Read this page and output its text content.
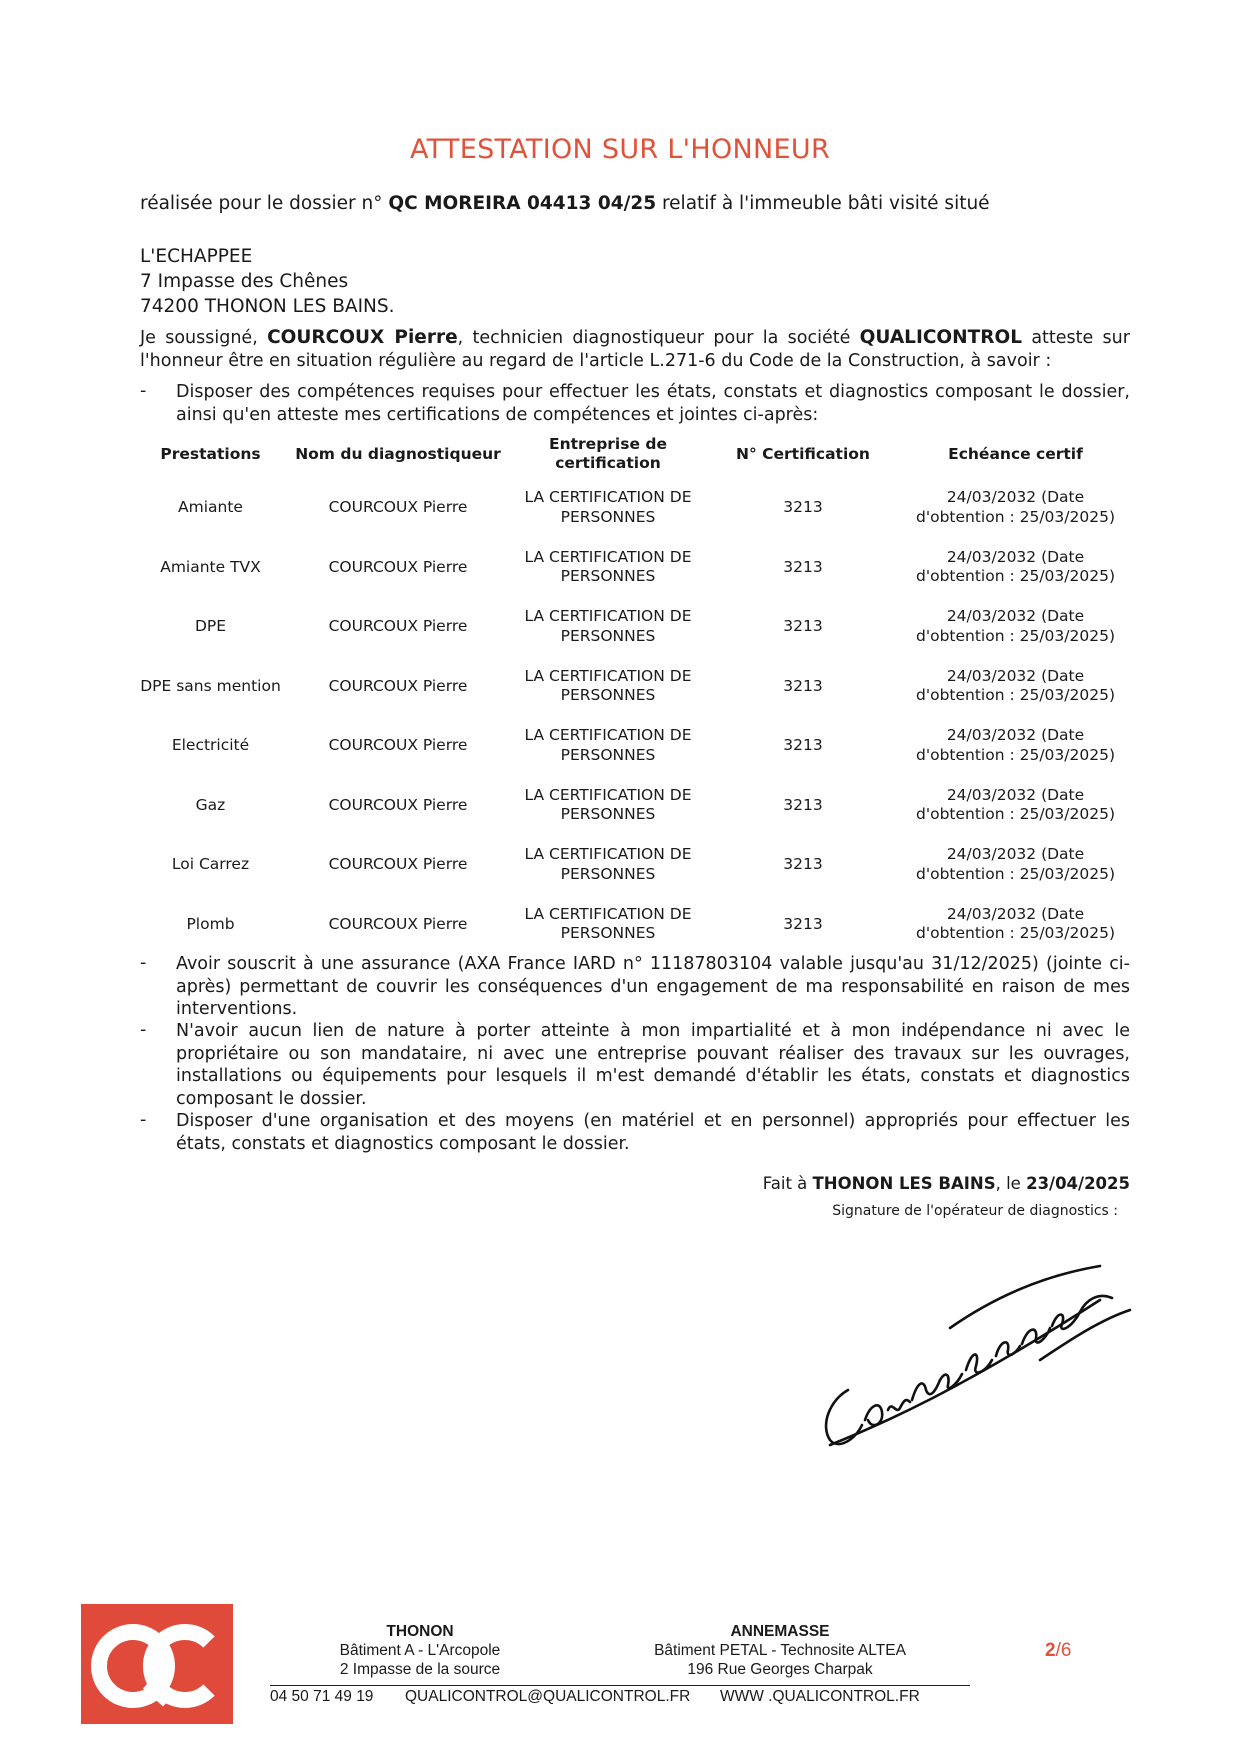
ATTESTATION SUR L'HONNEUR
réalisée pour le dossier n° QC MOREIRA 04413 04/25 relatif à l'immeuble bâti visité situé
L'ECHAPPEE
7 Impasse des Chênes
74200 THONON LES BAINS.
Je soussigné, COURCOUX Pierre, technicien diagnostiqueur pour la société QUALICONTROL atteste sur l'honneur être en situation régulière au regard de l'article L.271-6 du Code de la Construction, à savoir :
- Disposer des compétences requises pour effectuer les états, constats et diagnostics composant le dossier, ainsi qu'en atteste mes certifications de compétences et jointes ci-après:
Prestations	Nom du diagnostiqueur	Entreprise de certification	N° Certification	Echéance certif
Amiante	COURCOUX Pierre	LA CERTIFICATION DE PERSONNES	3213	24/03/2032 (Date d'obtention : 25/03/2025)
Amiante TVX	COURCOUX Pierre	LA CERTIFICATION DE PERSONNES	3213	24/03/2032 (Date d'obtention : 25/03/2025)
DPE	COURCOUX Pierre	LA CERTIFICATION DE PERSONNES	3213	24/03/2032 (Date d'obtention : 25/03/2025)
DPE sans mention	COURCOUX Pierre	LA CERTIFICATION DE PERSONNES	3213	24/03/2032 (Date d'obtention : 25/03/2025)
Electricité	COURCOUX Pierre	LA CERTIFICATION DE PERSONNES	3213	24/03/2032 (Date d'obtention : 25/03/2025)
Gaz	COURCOUX Pierre	LA CERTIFICATION DE PERSONNES	3213	24/03/2032 (Date d'obtention : 25/03/2025)
Loi Carrez	COURCOUX Pierre	LA CERTIFICATION DE PERSONNES	3213	24/03/2032 (Date d'obtention : 25/03/2025)
Plomb	COURCOUX Pierre	LA CERTIFICATION DE PERSONNES	3213	24/03/2032 (Date d'obtention : 25/03/2025)
- Avoir souscrit à une assurance (AXA France IARD n° 11187803104 valable jusqu'au 31/12/2025) (jointe ci-après) permettant de couvrir les conséquences d'un engagement de ma responsabilité en raison de mes interventions.
- N'avoir aucun lien de nature à porter atteinte à mon impartialité et à mon indépendance ni avec le propriétaire ou son mandataire, ni avec une entreprise pouvant réaliser des travaux sur les ouvrages, installations ou équipements pour lesquels il m'est demandé d'établir les états, constats et diagnostics composant le dossier.
- Disposer d'une organisation et des moyens (en matériel et en personnel) appropriés pour effectuer les états, constats et diagnostics composant le dossier.
Fait à THONON LES BAINS, le 23/04/2025
Signature de l'opérateur de diagnostics :
THONON
Bâtiment A - L'Arcopole
2 Impasse de la source
ANNEMASSE
Bâtiment PETAL - Technosite ALTEA
196 Rue Georges Charpak
2/6
04 50 71 49 19 QUALICONTROL@QUALICONTROL.FR WWW .QUALICONTROL.FR
